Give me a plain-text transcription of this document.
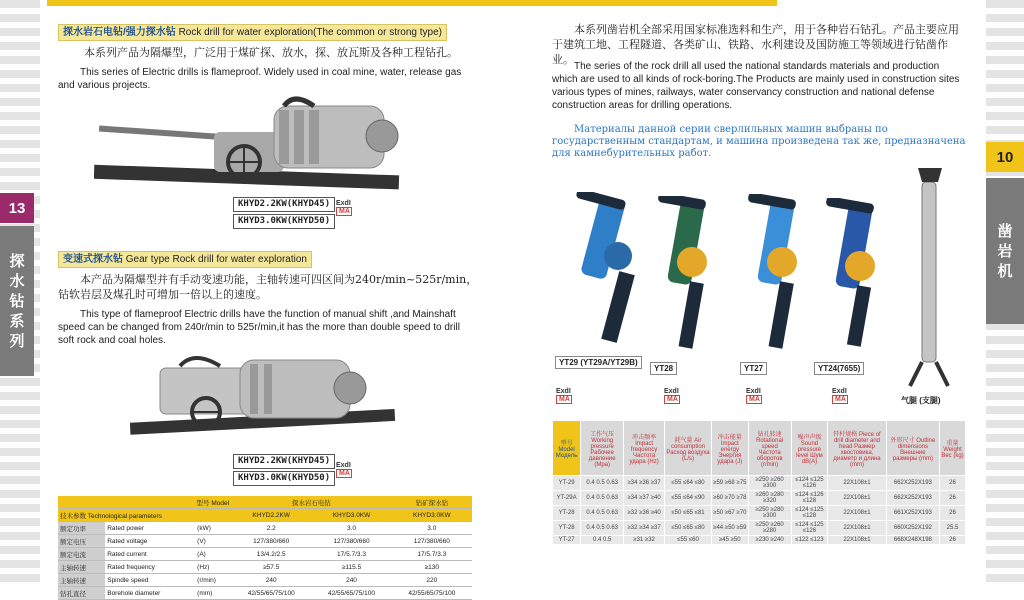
13
探
水
钻
系
列
10
凿
岩
机
探水岩石电钻/强力探水钻 Rock drill for water exploration(The common or strong type)
本系列产品为隔爆型，广泛用于煤矿探、放水，探、放瓦斯及各种工程钻孔。
This series of Electric drills is flameproof. Widely used in coal mine, water, release gas and various projects.
KHYD2.2KW(KHYD45)
KHYD3.0KW(KHYD50)
ExdI
MA
变速式探水钻 Gear type Rock drill for water exploration
本产品为隔爆型并有手动变速功能，主轴转速可四区间为240r/min~525r/min，钻软岩层及煤孔时可增加一倍以上的速度。
This type of flameproof Electric drills have the function of manual shift ,and Mainshaft speed can be changed from 240r/min to 525r/min,it has the more than double speed to drill soft rock and coal holes.
KHYD2.2KW(KHYD45)
KHYD3.0KW(KHYD50)
ExdI
MA
型号 Model			探水岩石电钻		钻矿探水钻
技术参数 Technological parameters			KHYD2.2KW	KHYD3.0KW	KHYD3.0KW
额定功率	Rated power	(kW)	2.2	3.0	3.0
额定电压	Rated voltage	(V)	127/380/660	127/380/660	127/380/660
额定电流	Rated current	(A)	13/4.2/2.5	17/5.7/3.3	17/5.7/3.3
主轴转速	Rated frequency	(Hz)	≥57.5	≥115.5	≥130
主轴转速	Spindle speed	(r/min)	240	240	220
钻孔直径	Borehole diameter	(mm)	42/55/65/75/100	42/55/65/75/100	42/55/65/75/100
本系列凿岩机全部采用国家标准选料和生产，用于各种岩石钻孔。产品主要应用于建筑工地、工程隧道、各类矿山、铁路、水利建设及国防施工等领域进行钻凿作业。
The series of the rock drill all used the national standards materials and production which are used to all kinds of rock-boring.The Products are mainly used in construction sites various types of mines, railways, water conservancy construction and national defense construction areas for drilling operations.
Материалы данной серии сверлильных машин выбраны по государственным стандартам, и машина произведена так же, предназначена для камнебурительных работ.
YT29 (YT29A/YT29B)
YT28	YT27	YT24(7655)
气腿 (支腿)
ExdI
MA
ExdI
MA
ExdI
MA
ExdI
MA
型号 Model Модель	工作气压 Working pressure Рабочее давление (Mpa)	冲击频率 Impact frequency Частота удара (Hz)	耗气量 Air consumption Расход воздуха (L/s)	冲击能量 Impact energy Энергия удара (J)	钻孔转速 Rotational speed Частота оборотов (r/min)	噪声声级 Sound pressure level Шум dB(A)	钎杆规格 Piece of drill diameter and head Размер хвостовика, диаметр и длина (mm)	外形尺寸 Outline dimensions Внешние размеры (mm)	重量 Weight Вес (kg)
YT-29	0.4 0.5 0.63	≥34 ≥36 ≥37	≤55 ≤64 ≤80	≥59 ≥68 ≥75	≥250 ≥260 ≥300	≤124 ≤125 ≤126	22X108±1	662X252X193	26
YT-29A	0.4 0.5 0.63	≥34 ≥37 ≥40	≤55 ≤64 ≤90	≥60 ≥70 ≥78	≥260 ≥280 ≥320	≤124 ≤126 ≤128	22X108±1	662X252X193	26
YT-28	0.4 0.5 0.63	≥32 ≥36 ≥40	≤50 ≤65 ≤81	≥50 ≥67 ≥70	≥250 ≥280 ≥300	≤124 ≤125 ≤128	22X108±1	661X252X193	26
YT-28	0.4 0.5 0.63	≥32 ≥34 ≥37	≤50 ≤65 ≤80	≥44 ≥50 ≥59	≥250 ≥260 ≥280	≤124 ≤125 ≤126	22X108±1	660X252X192	25.5
YT-27	0.4 0.5	≥31 ≥32	≤55 ≤60	≥45 ≥50	≥230 ≥240	≤122 ≤123	22X108±1	668X248X198	26
